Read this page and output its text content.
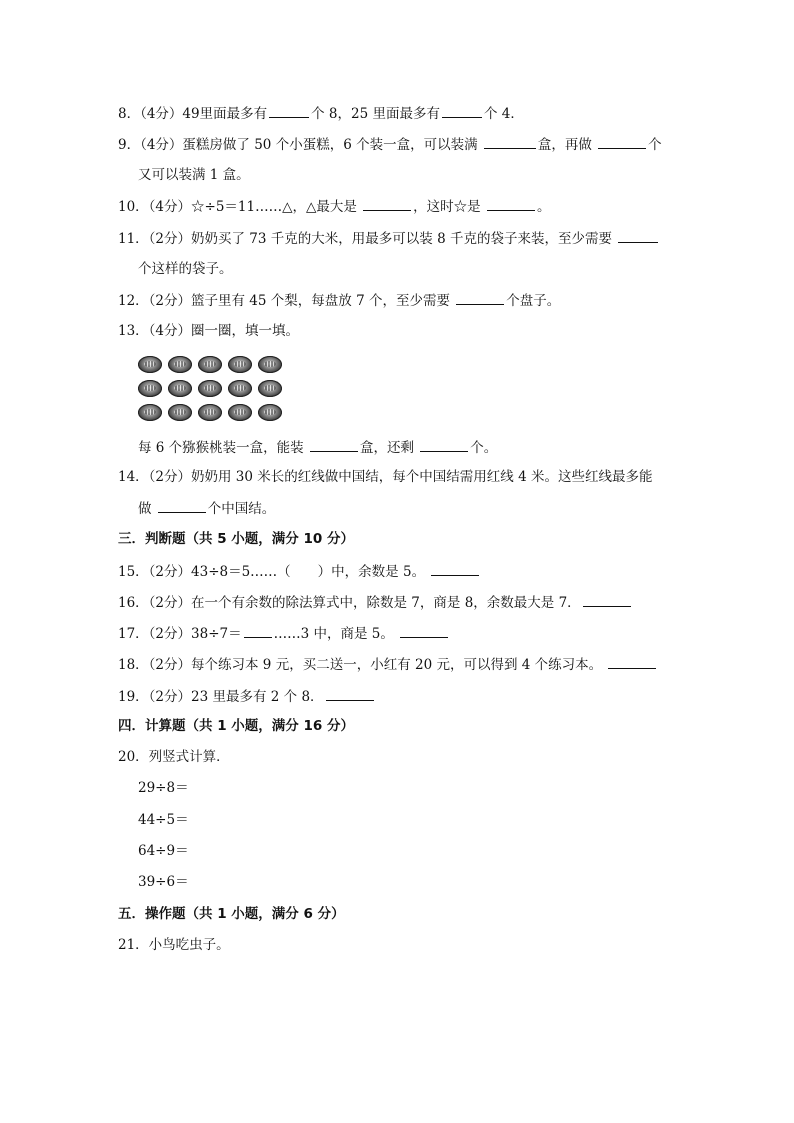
8．（4分）49里面最多有	个 8，25 里面最多有	个 4．
9．（4分）蛋糕房做了 50 个小蛋糕，6 个装一盒，可以装满	盒，再做	个
又可以装满 1 盒。
10．（4分）☆÷5＝11……△，△最大是	，这时☆是	。
11．（2分）奶奶买了 73 千克的大米，用最多可以装 8 千克的袋子来装，至少需要
个这样的袋子。
12．（2分）篮子里有 45 个梨，每盘放 7 个，至少需要	个盘子。
13．（4分）圈一圈，填一填。
每 6 个猕猴桃装一盒，能装	盒，还剩	个。
14．（2分）奶奶用 30 米长的红线做中国结，每个中国结需用红线 4 米。这些红线最多能
做	个中国结。
三．判断题（共 5 小题，满分 10 分）
15．（2分）43÷8＝5……（　　）中，余数是 5。
16．（2分）在一个有余数的除法算式中，除数是 7，商是 8，余数最大是 7．
17．（2分）38÷7＝ ……3 中，商是 5。
18．（2分）每个练习本 9 元，买二送一，小红有 20 元，可以得到 4 个练习本。
19．（2分）23 里最多有 2 个 8．
四．计算题（共 1 小题，满分 16 分）
20．列竖式计算．
29÷8＝
44÷5＝
64÷9＝
39÷6＝
五．操作题（共 1 小题，满分 6 分）
21．小鸟吃虫子。
